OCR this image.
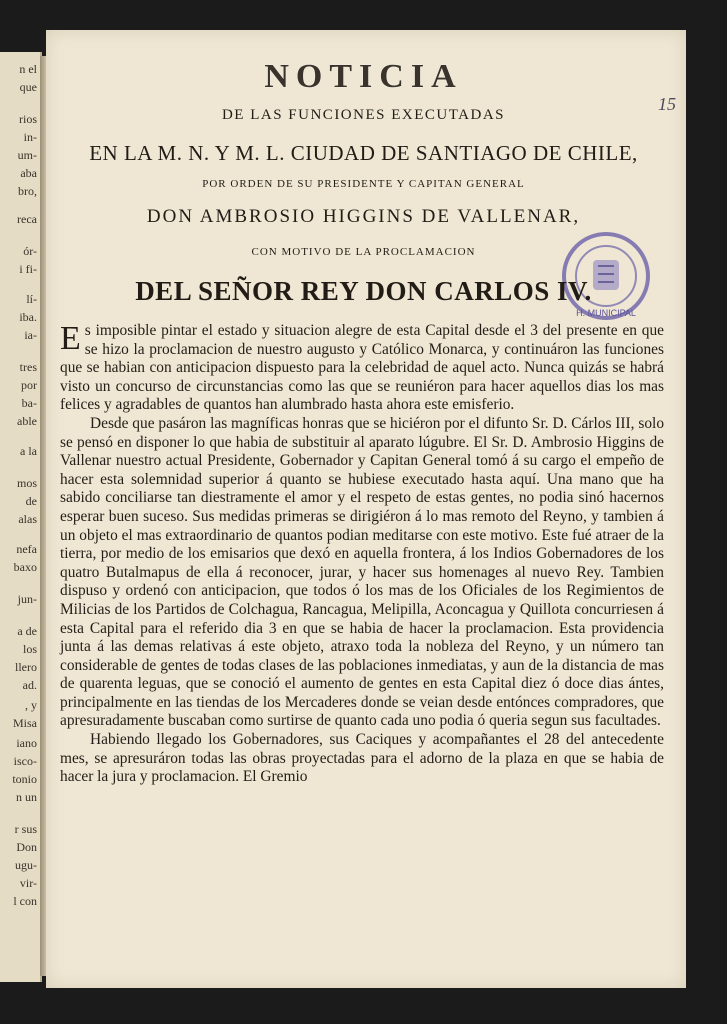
n el
que
rios
in-
um-
aba
bro,
reca
ór-
i fi-
lí-
iba.
ia-
tres
por
ba-
able
a la
mos
de
alas
nefa
baxo
jun-
a de
los
llero
ad.
, y
Misa
iano
isco-
tonio
n un
r sus
Don
ugu-
vir-
l con
15
H. MUNICIPAL
NOTICIA
DE LAS FUNCIONES EXECUTADAS
EN LA M. N. Y M. L. CIUDAD DE SANTIAGO DE CHILE,
POR ORDEN DE SU PRESIDENTE Y CAPITAN GENERAL
DON AMBROSIO HIGGINS DE VALLENAR,
CON MOTIVO DE LA PROCLAMACION
DEL SEÑOR REY DON CARLOS IV.

Es imposible pintar el estado y situacion alegre de esta Capital desde el 3 del presente en que se hizo la proclamacion de nuestro augusto y Católico Monarca, y continuáron las funciones que se habian con anticipacion dispuesto para la celebridad de aquel acto. Nunca quizás se habrá visto un concurso de circunstancias como las que se reuniéron para hacer aquellos dias los mas felices y agradables de quantos han alumbrado hasta ahora este emisferio.

Desde que pasáron las magníficas honras que se hiciéron por el difunto Sr. D. Cárlos III, solo se pensó en disponer lo que habia de substituir al aparato lúgubre. El Sr. D. Ambrosio Higgins de Vallenar nuestro actual Presidente, Gobernador y Capitan General tomó á su cargo el empeño de hacer esta solemnidad superior á quanto se hubiese executado hasta aquí. Una mano que ha sabido conciliarse tan diestramente el amor y el respeto de estas gentes, no podia sinó hacernos esperar buen suceso. Sus medidas primeras se dirigiéron á lo mas remoto del Reyno, y tambien á un objeto el mas extraordinario de quantos podian meditarse con este motivo. Este fué atraer de la tierra, por medio de los emisarios que dexó en aquella frontera, á los Indios Gobernadores de los quatro Butalmapus de ella á reconocer, jurar, y hacer sus homenages al nuevo Rey. Tambien dispuso y ordenó con anticipacion, que todos ó los mas de los Oficiales de los Regimientos de Milicias de los Partidos de Colchagua, Rancagua, Melipilla, Aconcagua y Quillota concurriesen á esta Capital para el referido dia 3 en que se habia de hacer la proclamacion. Esta providencia junta á las demas relativas á este objeto, atraxo toda la nobleza del Reyno, y un número tan considerable de gentes de todas clases de las poblaciones inmediatas, y aun de la distancia de mas de quarenta leguas, que se conoció el aumento de gentes en esta Capital diez ó doce dias ántes, principalmente en las tiendas de los Mercaderes donde se veian desde entónces compradores, que apresuradamente buscaban como surtirse de quanto cada uno podia ó queria segun sus facultades.

Habiendo llegado los Gobernadores, sus Caciques y acompañantes el 28 del antecedente mes, se apresuráron todas las obras proyectadas para el adorno de la plaza en que se habia de hacer la jura y proclamacion. El Gremio
